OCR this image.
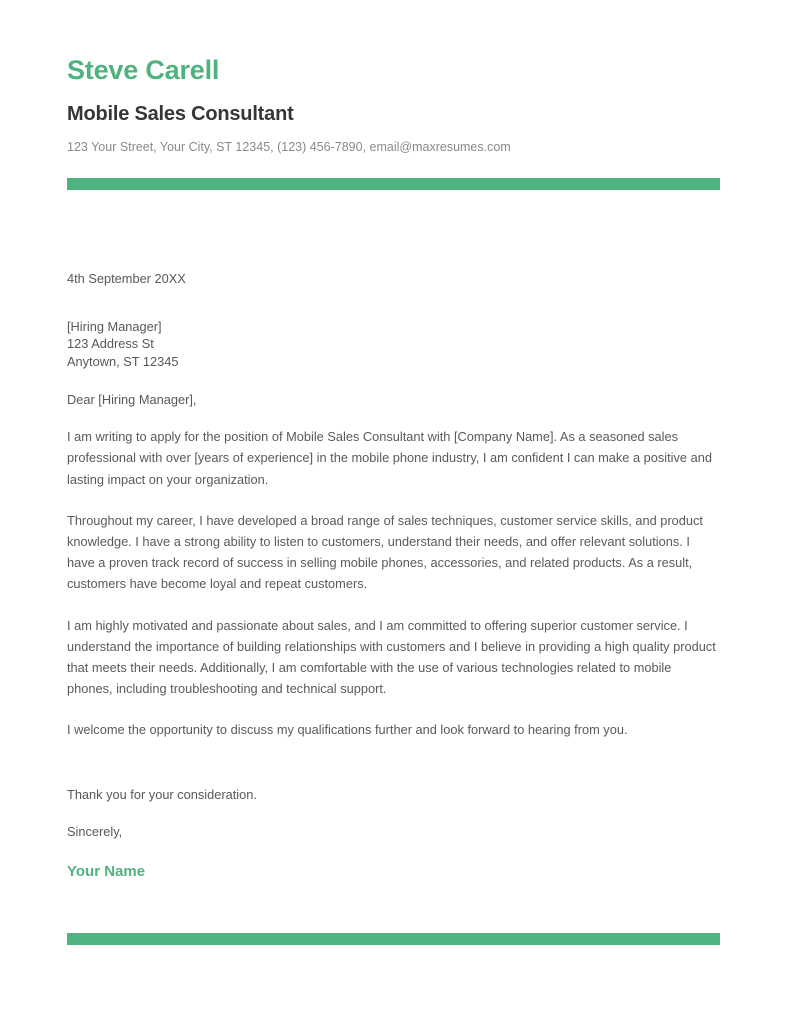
Steve Carell
Mobile Sales Consultant
123 Your Street, Your City, ST 12345, (123) 456-7890, email@maxresumes.com
4th September 20XX
[Hiring Manager]
123 Address St
Anytown, ST 12345
Dear [Hiring Manager],

I am writing to apply for the position of Mobile Sales Consultant with [Company Name]. As a seasoned sales professional with over [years of experience] in the mobile phone industry, I am confident I can make a positive and lasting impact on your organization.

Throughout my career, I have developed a broad range of sales techniques, customer service skills, and product knowledge. I have a strong ability to listen to customers, understand their needs, and offer relevant solutions. I have a proven track record of success in selling mobile phones, accessories, and related products. As a result, customers have become loyal and repeat customers.

I am highly motivated and passionate about sales, and I am committed to offering superior customer service. I understand the importance of building relationships with customers and I believe in providing a high quality product that meets their needs. Additionally, I am comfortable with the use of various technologies related to mobile phones, including troubleshooting and technical support.

I welcome the opportunity to discuss my qualifications further and look forward to hearing from you.

Thank you for your consideration.
Sincerely,
Your Name
